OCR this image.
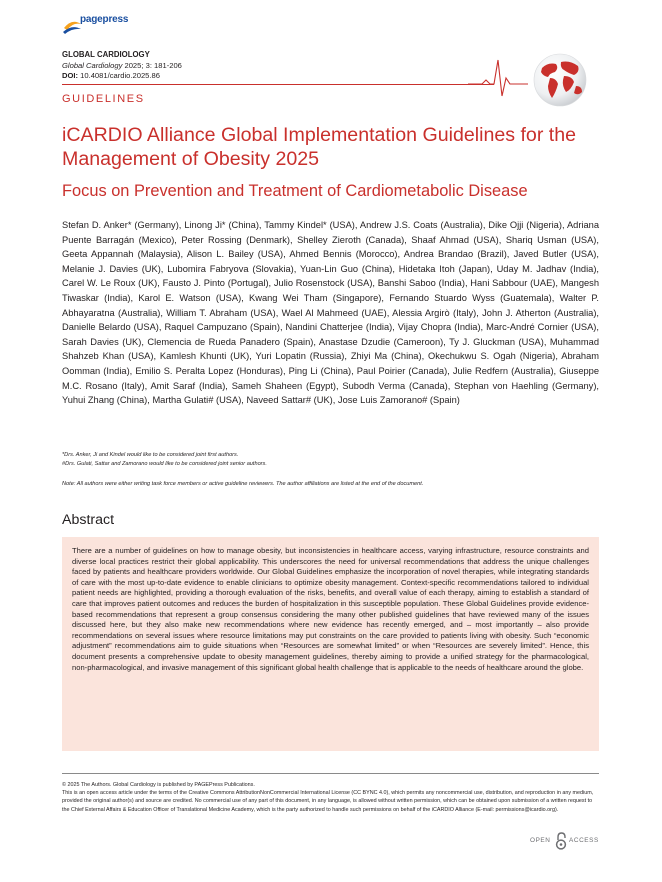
pagepress
GLOBAL CARDIOLOGY
Global Cardiology 2025; 3: 181-206
DOI: 10.4081/cardio.2025.86
GUIDELINES
iCARDIO Alliance Global Implementation Guidelines for the Management of Obesity 2025
Focus on Prevention and Treatment of Cardiometabolic Disease
Stefan D. Anker* (Germany), Linong Ji* (China), Tammy Kindel* (USA), Andrew J.S. Coats (Australia), Dike Ojji (Nigeria), Adriana Puente Barragán (Mexico), Peter Rossing (Denmark), Shelley Zieroth (Canada), Shaaf Ahmad (USA), Shariq Usman (USA), Geeta Appannah (Malaysia), Alison L. Bailey (USA), Ahmed Bennis (Morocco), Andrea Brandao (Brazil), Javed Butler (USA), Melanie J. Davies (UK), Lubomira Fabryova (Slovakia), Yuan-Lin Guo (China), Hidetaka Itoh (Japan), Uday M. Jadhav (India), Carel W. Le Roux (UK), Fausto J. Pinto (Portugal), Julio Rosenstock (USA), Banshi Saboo (India), Hani Sabbour (UAE), Mangesh Tiwaskar (India), Karol E. Watson (USA), Kwang Wei Tham (Singapore), Fernando Stuardo Wyss (Guatemala), Walter P. Abhayaratna (Australia), William T. Abraham (USA), Wael Al Mahmeed (UAE), Alessia Argirò (Italy), John J. Atherton (Australia), Danielle Belardo (USA), Raquel Campuzano (Spain), Nandini Chatterjee (India), Vijay Chopra (India), Marc-André Cornier (USA), Sarah Davies (UK), Clemencia de Rueda Panadero (Spain), Anastase Dzudie (Cameroon), Ty J. Gluckman (USA), Muhammad Shahzeb Khan (USA), Kamlesh Khunti (UK), Yuri Lopatin (Russia), Zhiyi Ma (China), Okechukwu S. Ogah (Nigeria), Abraham Oomman (India), Emilio S. Peralta Lopez (Honduras), Ping Li (China), Paul Poirier (Canada), Julie Redfern (Australia), Giuseppe M.C. Rosano (Italy), Amit Saraf (India), Sameh Shaheen (Egypt), Subodh Verma (Canada), Stephan von Haehling (Germany), Yuhui Zhang (China), Martha Gulati# (USA), Naveed Sattar# (UK), Jose Luis Zamorano# (Spain)
*Drs. Anker, Ji and Kindel would like to be considered joint first authors.
#Drs. Gulati, Sattar and Zamorano would like to be considered joint senior authors.
Note: All authors were either writing task force members or active guideline reviewers. The author affiliations are listed at the end of the document.
Abstract
There are a number of guidelines on how to manage obesity, but inconsistencies in healthcare access, varying infrastructure, resource constraints and diverse local practices restrict their global applicability. This underscores the need for universal recommendations that address the unique challenges faced by patients and healthcare providers worldwide. Our Global Guidelines emphasize the incorporation of novel therapies, while integrating standards of care with the most up-to-date evidence to enable clinicians to optimize obesity management. Context-specific recommendations tailored to individual patient needs are highlighted, providing a thorough evaluation of the risks, benefits, and overall value of each therapy, aiming to establish a standard of care that improves patient outcomes and reduces the burden of hospitalization in this susceptible population. These Global Guidelines provide evidence-based recommendations that represent a group consensus considering the many other published guidelines that have reviewed many of the issues discussed here, but they also make new recommendations where new evidence has recently emerged, and – most importantly – also provide recommendations on several issues where resource limitations may put constraints on the care provided to patients living with obesity. Such “economic adjustment” recommendations aim to guide situations when “Resources are somewhat limited” or when “Resources are severely limited”. Hence, this document presents a comprehensive update to obesity management guidelines, thereby aiming to provide a unified strategy for the pharmacological, non-pharmacological, and invasive management of this significant global health challenge that is applicable to the needs of healthcare around the globe.
© 2025 The Authors. Global Cardiology is published by PAGEPress Publications.
This is an open access article under the terms of the Creative Commons AttributionNonCommercial International License (CC BYNC 4.0), which permits any noncommercial use, distribution, and reproduction in any medium, provided the original author(s) and source are credited. No commercial use of any part of this document, in any language, is allowed without written permission, which can be obtained upon submission of a written request to the Chief External Affairs & Education Officer of Translational Medicine Academy, which is the party authorized to handle such permissions on behalf of the iCARDIO Alliance (E-mail: permissions@icardio.org).
OPEN	ACCESS
